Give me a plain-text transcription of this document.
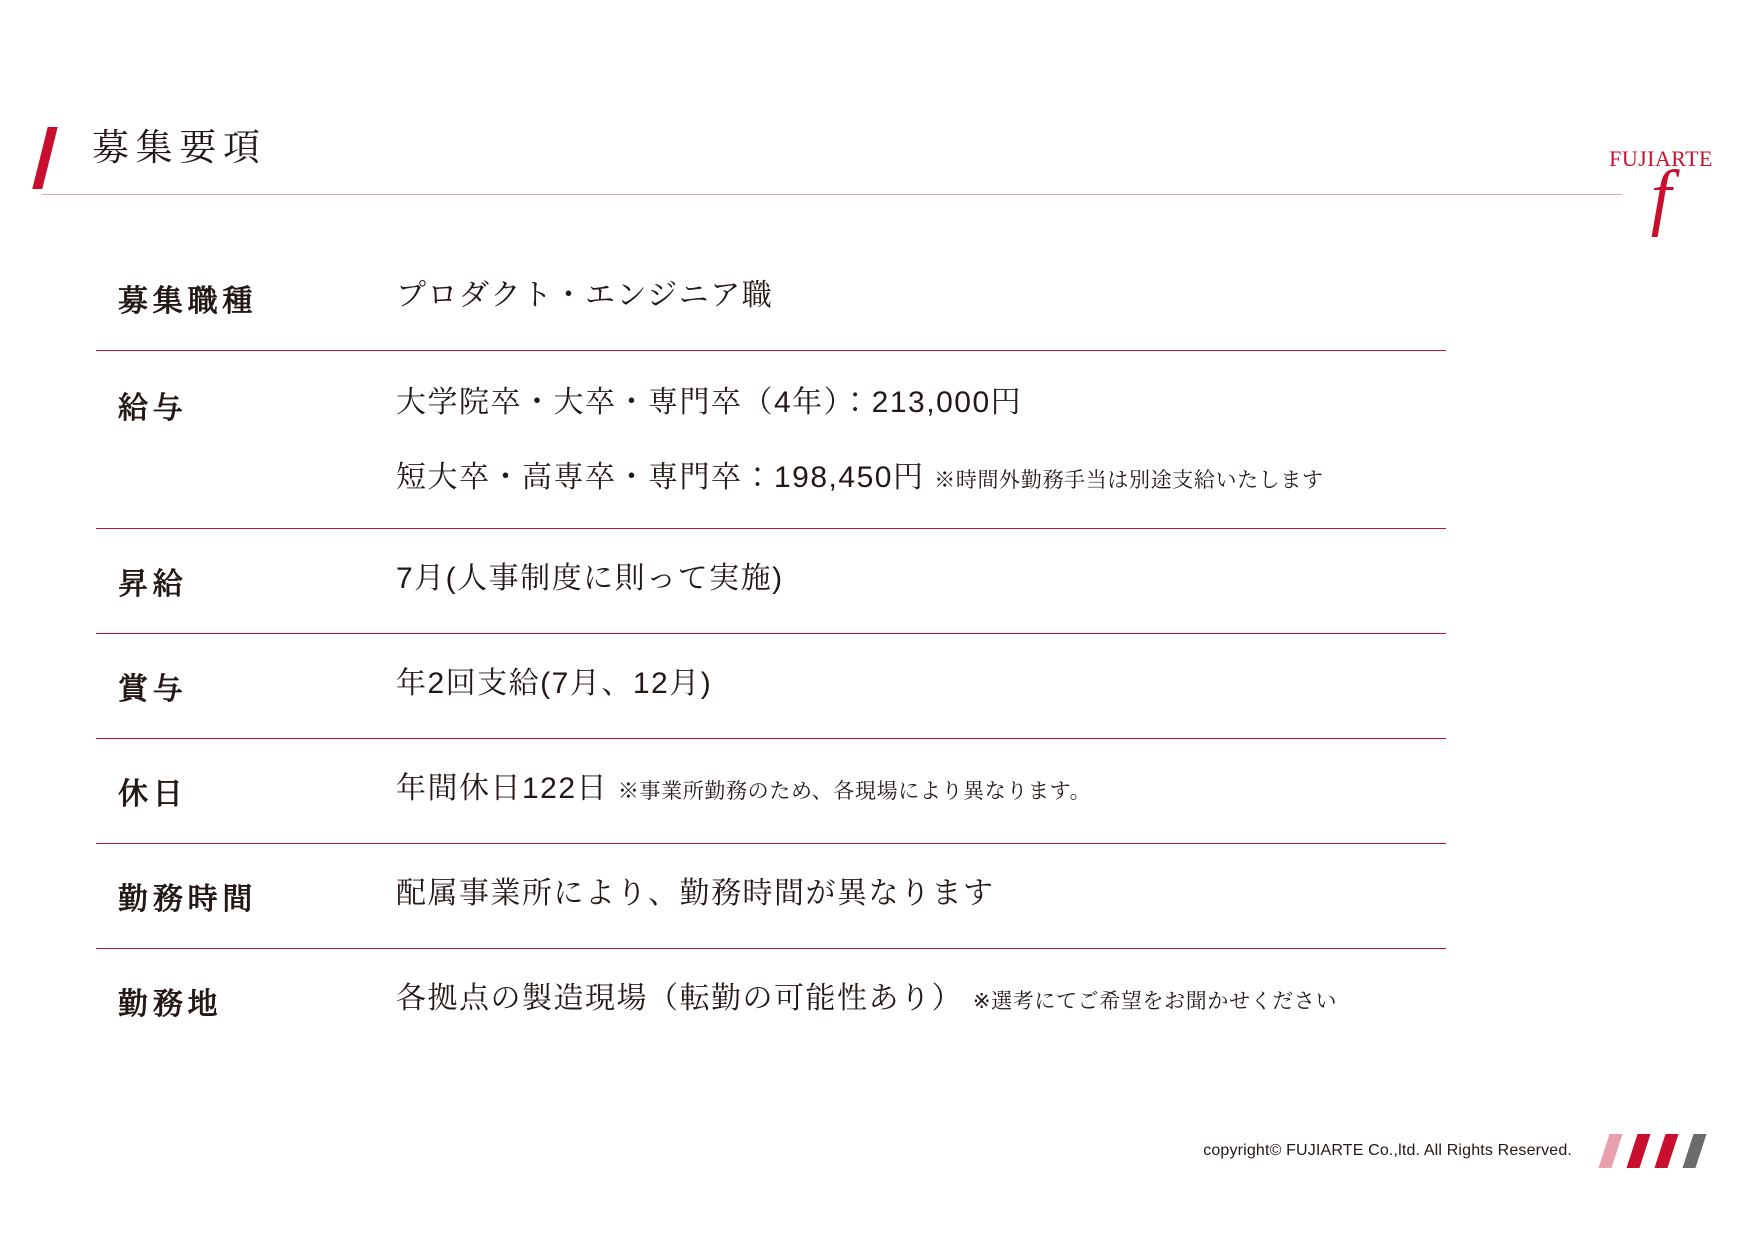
募集要項	FUJIARTE
f
募集職種	プロダクト・エンジニア職
給与	大学院卒・大卒・専門卒（4年）：213,000円
短大卒・高専卒・専門卒：198,450円 ※時間外勤務手当は別途支給いたします
昇給	7月(人事制度に則って実施)
賞与	年2回支給(7月、12月)
休日	年間休日122日 ※事業所勤務のため、各現場により異なります。
勤務時間	配属事業所により、勤務時間が異なります
勤務地	各拠点の製造現場（転勤の可能性あり） ※選考にてご希望をお聞かせください
copyright© FUJIARTE Co.,ltd. All Rights Reserved.
